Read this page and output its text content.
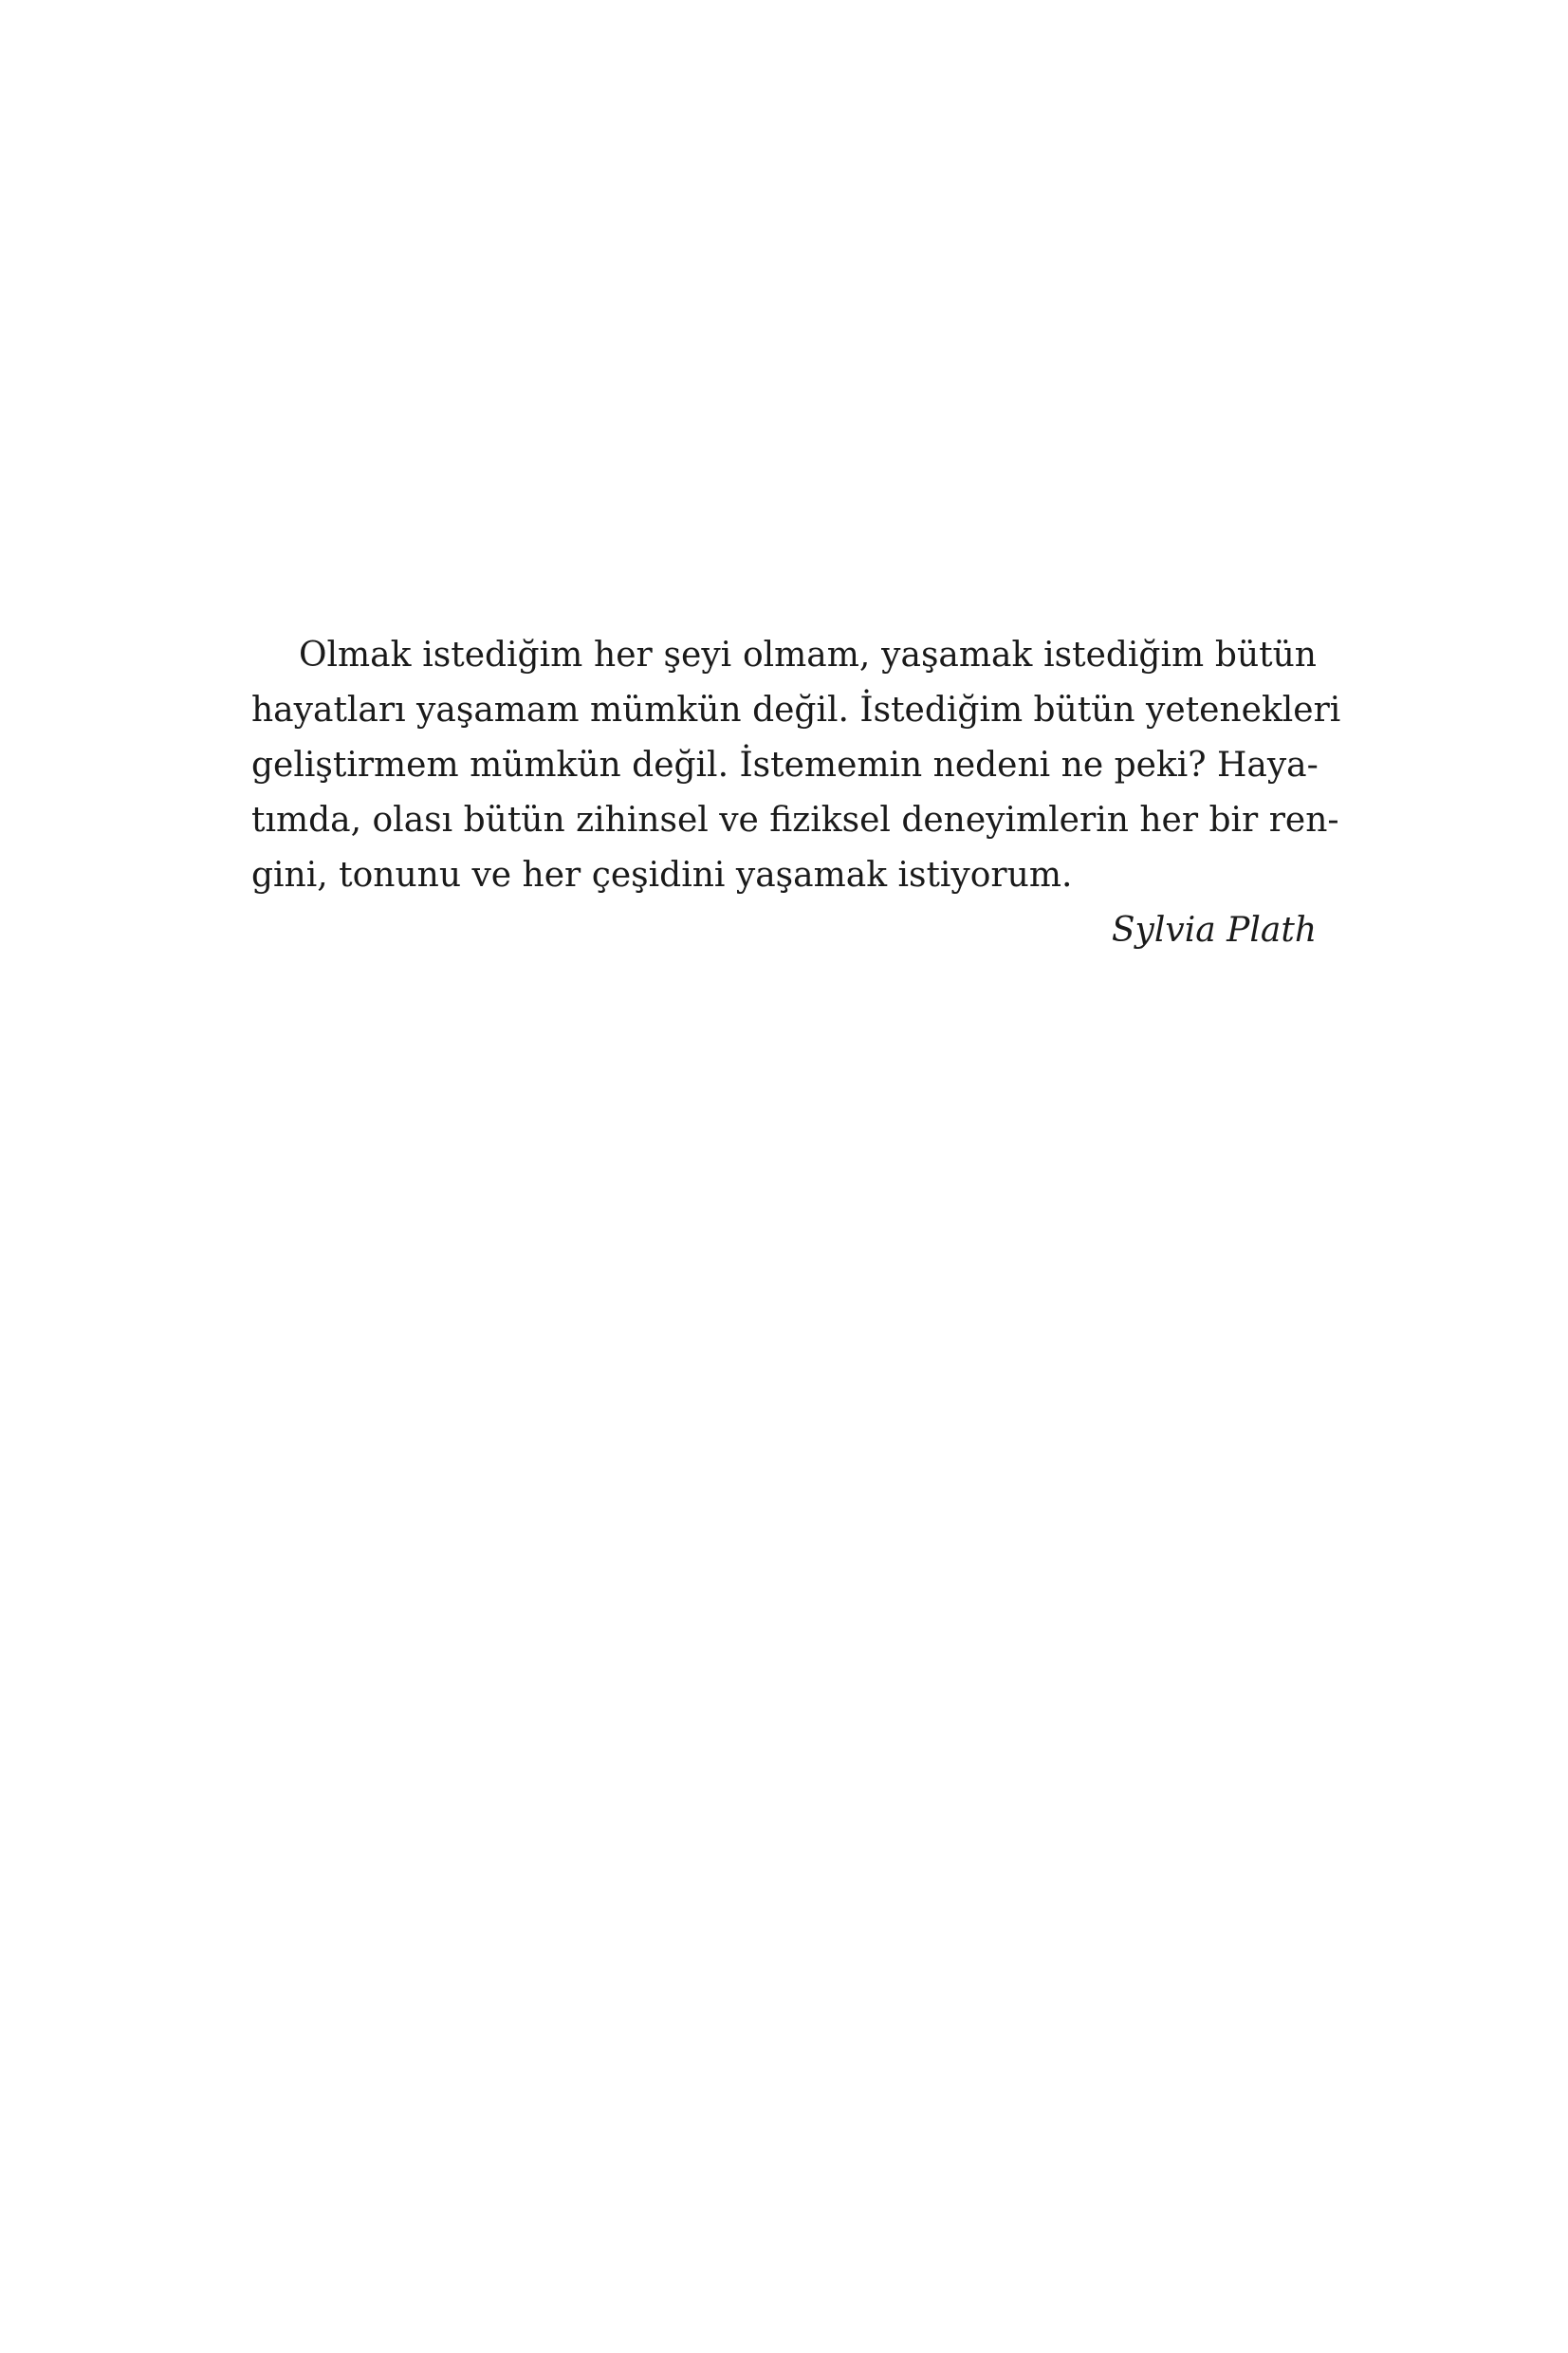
Olmak istediğim her şeyi olmam, yaşamak istediğim bütün
hayatları yaşamam mümkün değil. İstediğim bütün yetenekleri
geliştirmem mümkün değil. İstememin nedeni ne peki? Haya-
tımda, olası bütün zihinsel ve fiziksel deneyimlerin her bir ren-
gini, tonunu ve her çeşidini yaşamak istiyorum.
Sylvia Plath
